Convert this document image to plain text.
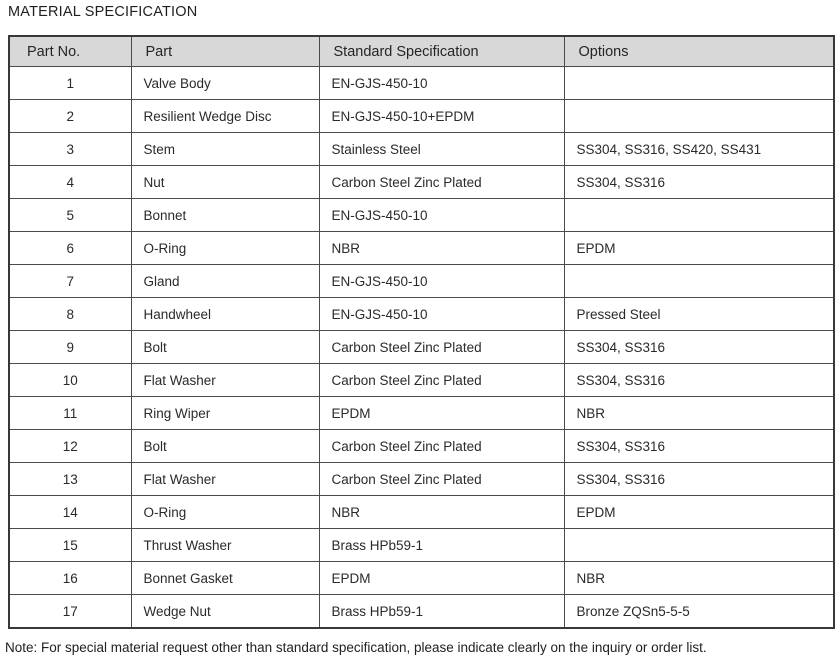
MATERIAL SPECIFICATION
Part No.	Part	Standard Specification	Options
1	Valve Body	EN-GJS-450-10	
2	Resilient Wedge Disc	EN-GJS-450-10+EPDM	
3	Stem	Stainless Steel	SS304, SS316, SS420, SS431
4	Nut	Carbon Steel Zinc Plated	SS304, SS316
5	Bonnet	EN-GJS-450-10	
6	O-Ring	NBR	EPDM
7	Gland	EN-GJS-450-10	
8	Handwheel	EN-GJS-450-10	Pressed Steel
9	Bolt	Carbon Steel Zinc Plated	SS304, SS316
10	Flat Washer	Carbon Steel Zinc Plated	SS304, SS316
11	Ring Wiper	EPDM	NBR
12	Bolt	Carbon Steel Zinc Plated	SS304, SS316
13	Flat Washer	Carbon Steel Zinc Plated	SS304, SS316
14	O-Ring	NBR	EPDM
15	Thrust Washer	Brass HPb59-1	
16	Bonnet Gasket	EPDM	NBR
17	Wedge Nut	Brass HPb59-1	Bronze ZQSn5-5-5
Note: For special material request other than standard specification, please indicate clearly on the inquiry or order list.
